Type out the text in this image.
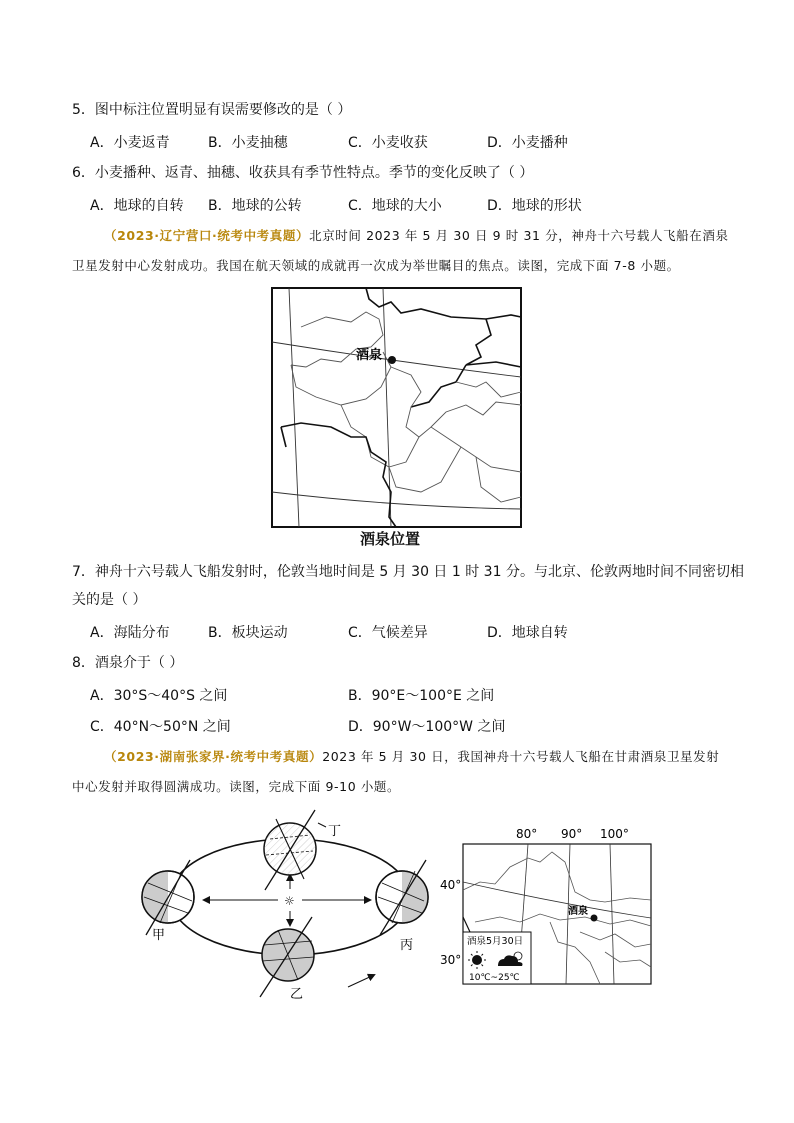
5．图中标注位置明显有误需要修改的是（ ）
A．小麦返青	B．小麦抽穗	C．小麦收获	D．小麦播种
6．小麦播种、返青、抽穗、收获具有季节性特点。季节的变化反映了（ ）
A．地球的自转 B．地球的公转	C．地球的大小	D．地球的形状
（2023·辽宁营口·统考中考真题）北京时间 2023 年 5 月 30 日 9 时 31 分，神舟十六号载人飞船在酒泉
卫星发射中心发射成功。我国在航天领域的成就再一次成为举世瞩目的焦点。读图，完成下面 7-8 小题。
酒泉
酒泉位置
7．神舟十六号载人飞船发射时，伦敦当地时间是 5 月 30 日 1 时 31 分。与北京、伦敦两地时间不同密切相
关的是（ ）
A．海陆分布	B．板块运动	C．气候差异	D．地球自转
8．酒泉介于（ ）
A．30°S～40°S 之间	B．90°E～100°E 之间
C．40°N～50°N 之间	D．90°W～100°W 之间
（2023·湖南张家界·统考中考真题）2023 年 5 月 30 日，我国神舟十六号载人飞船在甘肃酒泉卫星发射
中心发射并取得圆满成功。读图，完成下面 9-10 小题。
☼
丁
甲
乙
丙
80° 90° 100°
40°
30°
酒泉
酒泉5月30日
10℃~25℃
